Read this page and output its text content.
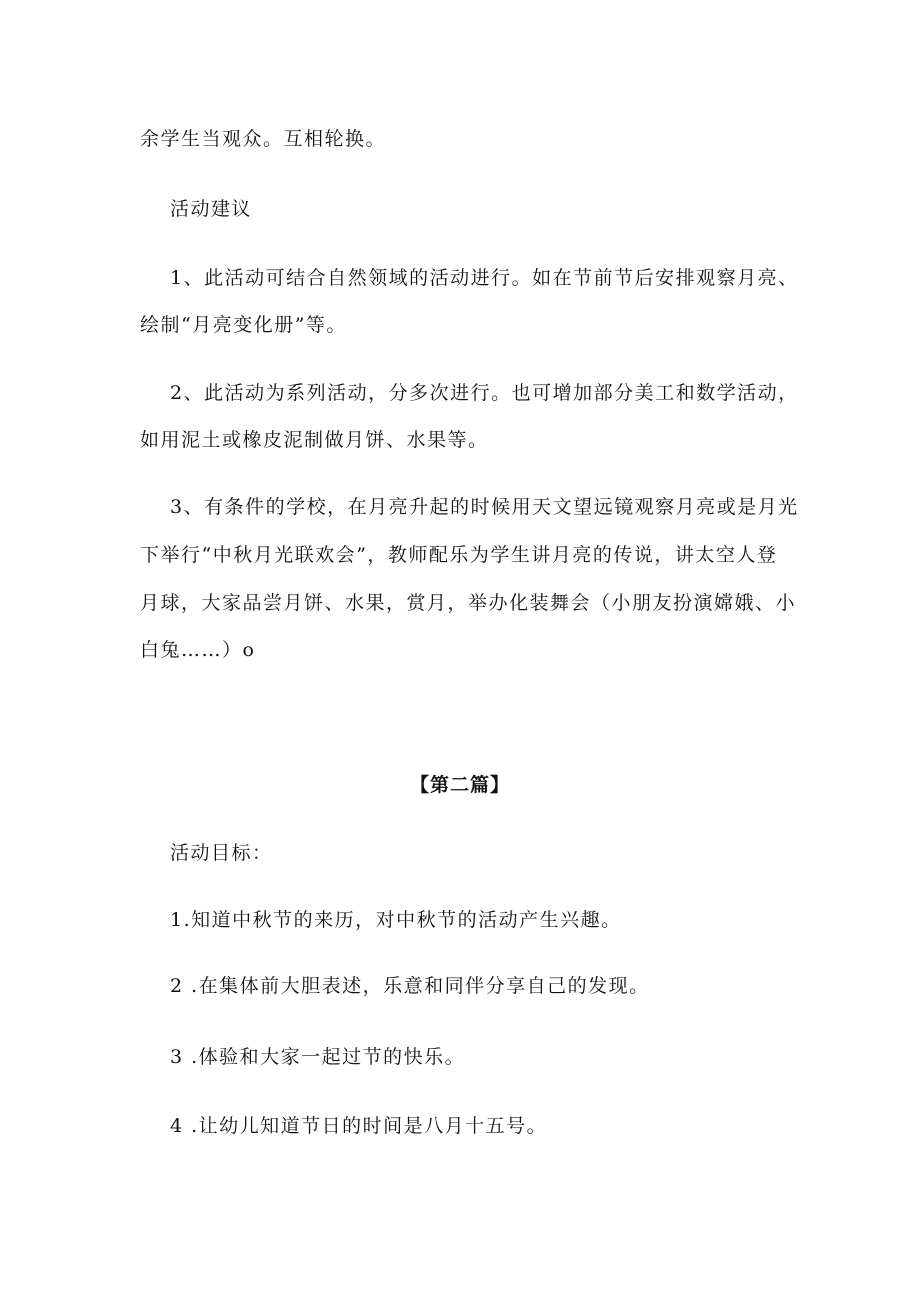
余学生当观众。互相轮换。
活动建议
1、此活动可结合自然领域的活动进行。如在节前节后安排观察月亮、
绘制“月亮变化册”等。
2、此活动为系列活动，分多次进行。也可增加部分美工和数学活动，
如用泥土或橡皮泥制做月饼、水果等。
3、有条件的学校，在月亮升起的时候用天文望远镜观察月亮或是月光
下举行“中秋月光联欢会”，教师配乐为学生讲月亮的传说，讲太空人登
月球，大家品尝月饼、水果，赏月，举办化装舞会（小朋友扮演嫦娥、小
白兔……）o
【第二篇】
活动目标：
1.知道中秋节的来历，对中秋节的活动产生兴趣。
2 .在集体前大胆表述，乐意和同伴分享自己的发现。
3 .体验和大家一起过节的快乐。
4 .让幼儿知道节日的时间是八月十五号。
